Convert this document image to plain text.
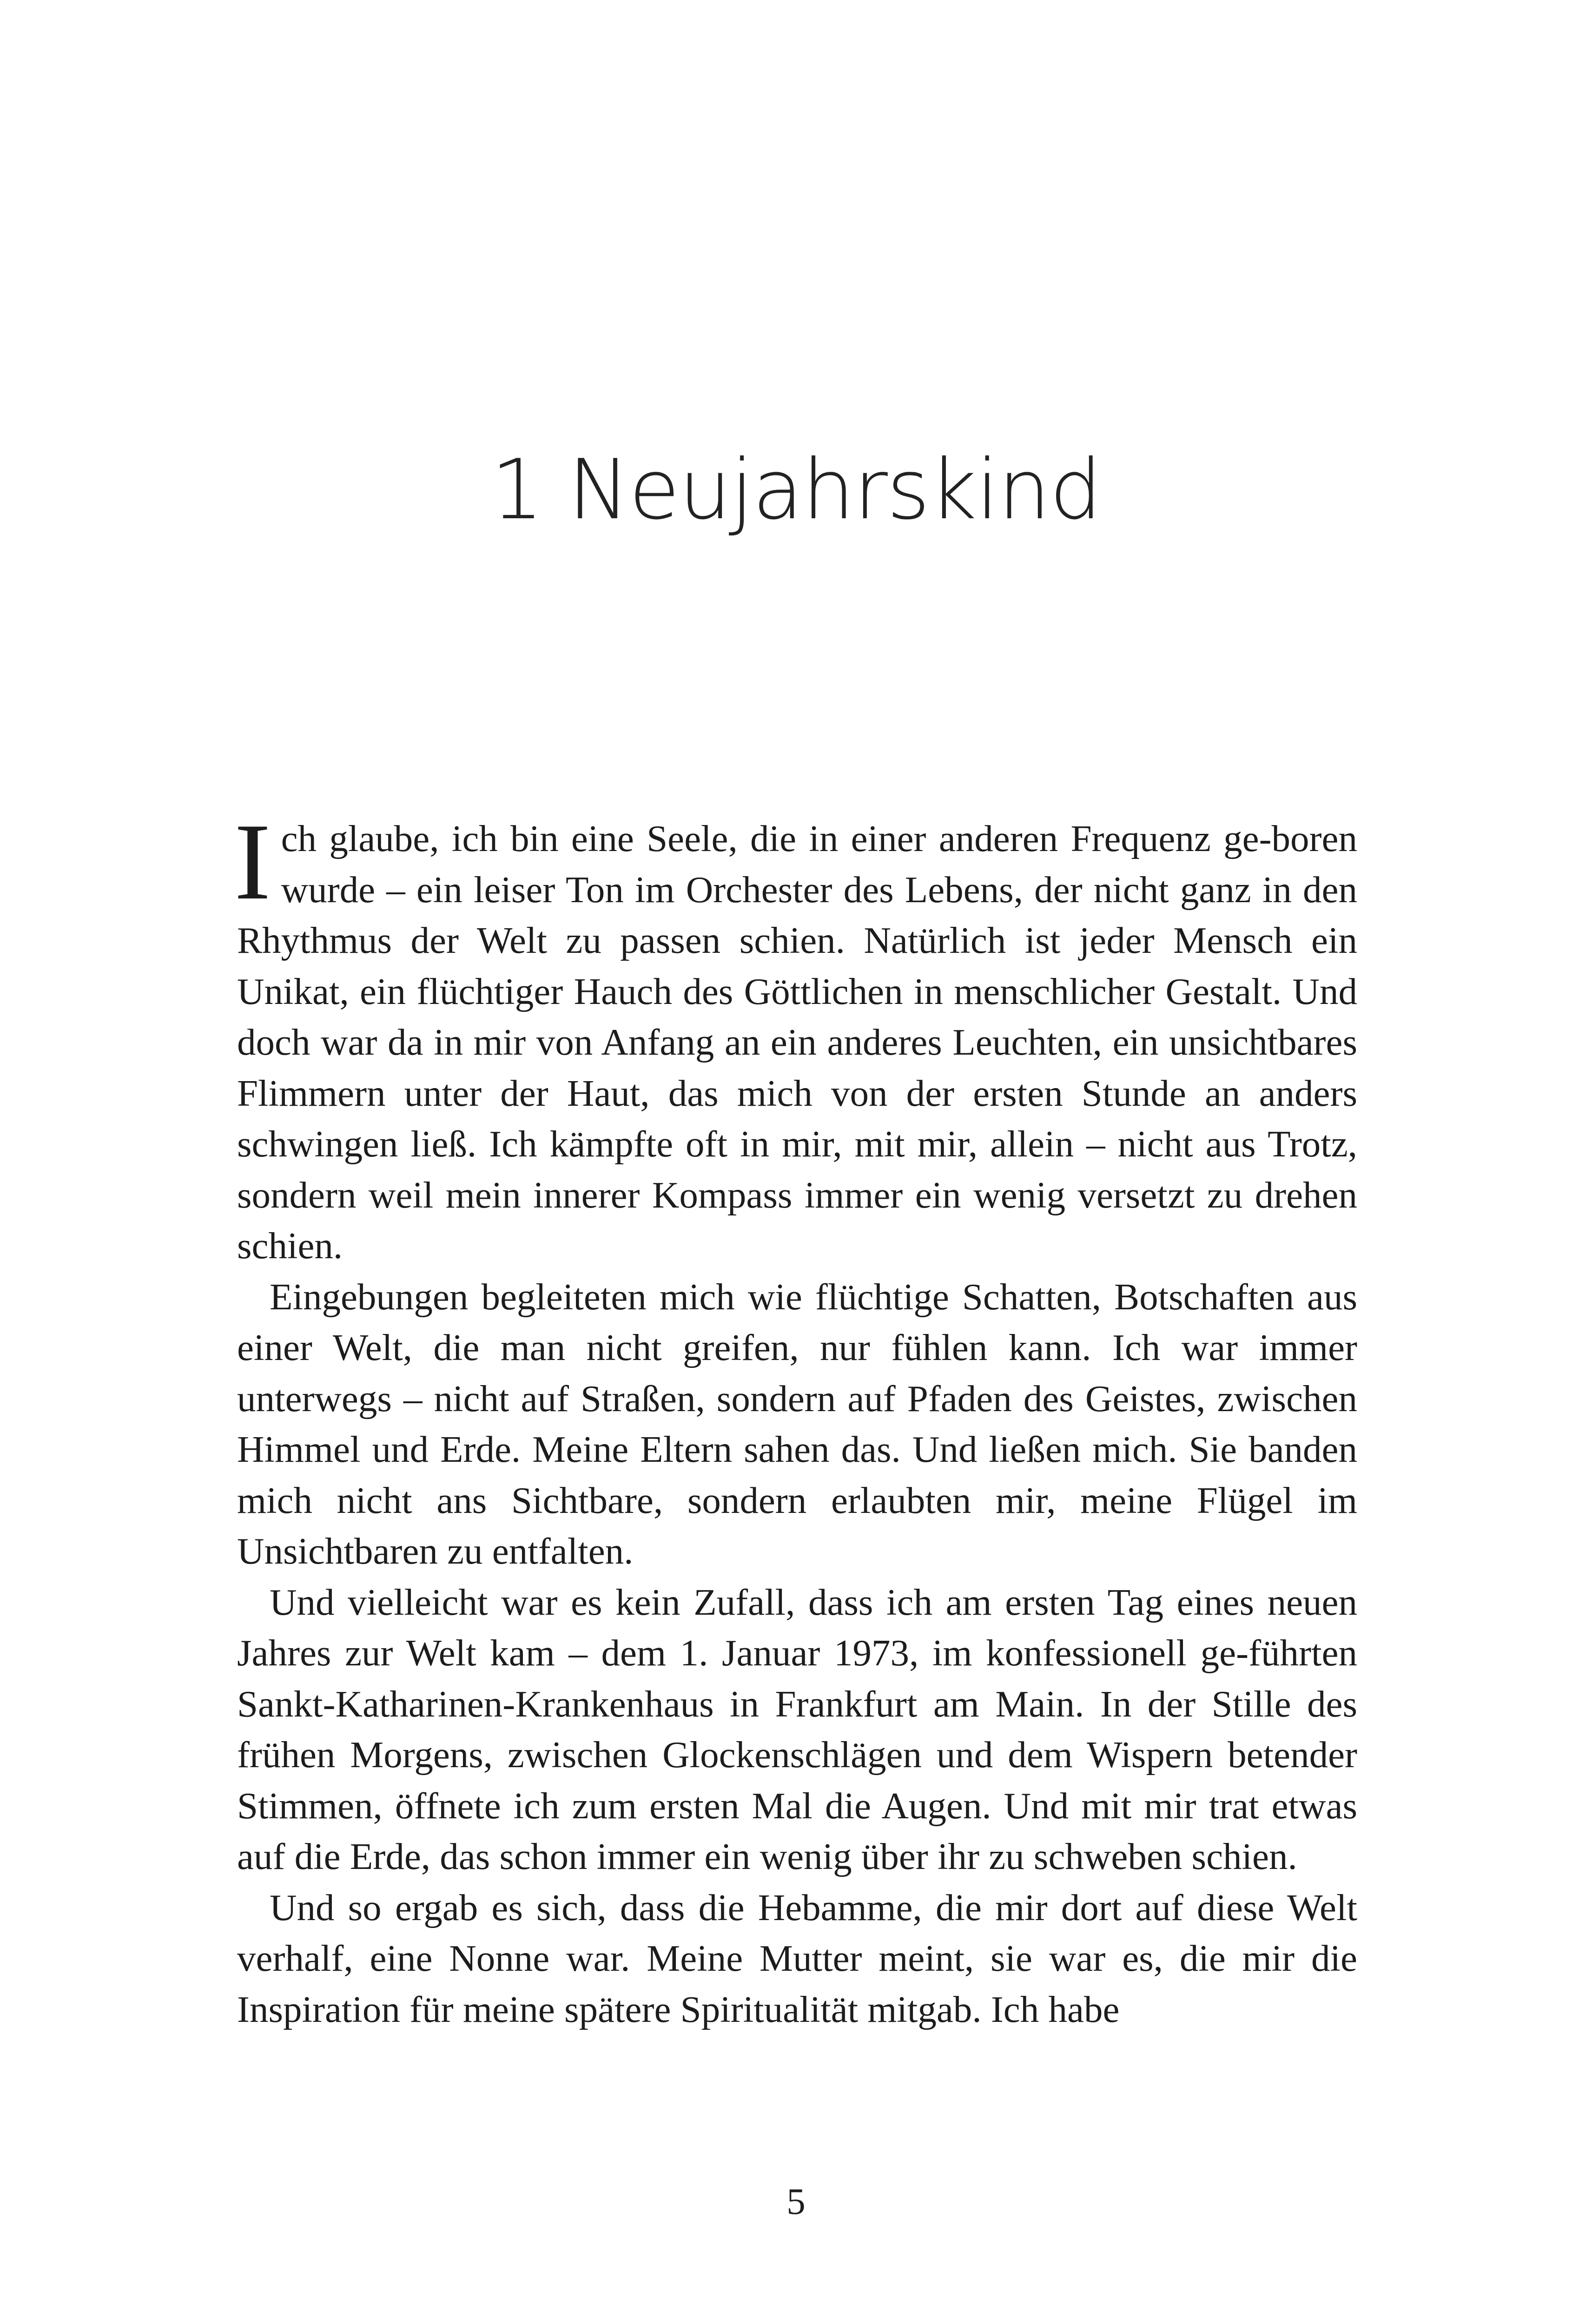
1 Neujahrskind

Ich glaube, ich bin eine Seele, die in einer anderen Frequenz ge-boren wurde – ein leiser Ton im Orchester des Lebens, der nicht ganz in den Rhythmus der Welt zu passen schien. Natürlich ist jeder Mensch ein Unikat, ein flüchtiger Hauch des Göttlichen in menschlicher Gestalt. Und doch war da in mir von Anfang an ein anderes Leuchten, ein unsichtbares Flimmern unter der Haut, das mich von der ersten Stunde an anders schwingen ließ. Ich kämpfte oft in mir, mit mir, allein – nicht aus Trotz, sondern weil mein innerer Kompass immer ein wenig versetzt zu drehen schien.

Eingebungen begleiteten mich wie flüchtige Schatten, Botschaften aus einer Welt, die man nicht greifen, nur fühlen kann. Ich war immer unterwegs – nicht auf Straßen, sondern auf Pfaden des Geistes, zwischen Himmel und Erde. Meine Eltern sahen das. Und ließen mich. Sie banden mich nicht ans Sichtbare, sondern erlaubten mir, meine Flügel im Unsichtbaren zu entfalten.

Und vielleicht war es kein Zufall, dass ich am ersten Tag eines neuen Jahres zur Welt kam – dem 1. Januar 1973, im konfessionell ge-führten Sankt-Katharinen-Krankenhaus in Frankfurt am Main. In der Stille des frühen Morgens, zwischen Glockenschlägen und dem Wispern betender Stimmen, öffnete ich zum ersten Mal die Augen. Und mit mir trat etwas auf die Erde, das schon immer ein wenig über ihr zu schweben schien.

Und so ergab es sich, dass die Hebamme, die mir dort auf diese Welt verhalf, eine Nonne war. Meine Mutter meint, sie war es, die mir die Inspiration für meine spätere Spiritualität mitgab. Ich habe

5
